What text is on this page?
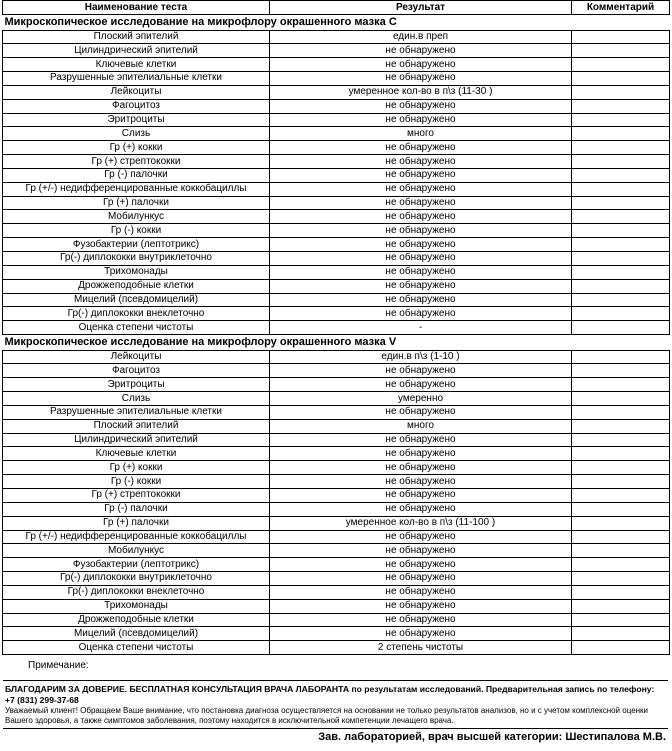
Наименование теста	Результат	Комментарий
Микроскопическое исследование на микрофлору окрашенного мазка С		
Плоский эпителий	един.в преп	
Цилиндрический эпителий	не обнаружено	
Ключевые клетки	не обнаружено	
Разрушенные эпителиальные клетки	не обнаружено	
Лейкоциты	умеренное кол-во в п\з (11-30 )	
Фагоцитоз	не обнаружено	
Эритроциты	не обнаружено	
Слизь	много	
Гр (+) кокки	не обнаружено	
Гр (+) стрептококки	не обнаружено	
Гр (-) палочки	не обнаружено	
Гр (+/-) недифференцированные коккобациллы	не обнаружено	
Гр (+) палочки	не обнаружено	
Мобилункус	не обнаружено	
Гр (-) кокки	не обнаружено	
Фузобактерии (лептотрикс)	не обнаружено	
Гр(-) диплококки внутриклеточно	не обнаружено	
Трихомонады	не обнаружено	
Дрожжеподобные клетки	не обнаружено	
Мицелий (псевдомицелий)	не обнаружено	
Гр(-) диплококки внеклеточно	не обнаружено	
Оценка степени чистоты	-	
Микроскопическое исследование на микрофлору окрашенного мазка V		
Лейкоциты	един.в п\з (1-10 )	
Фагоцитоз	не обнаружено	
Эритроциты	не обнаружено	
Слизь	умеренно	
Разрушенные эпителиальные клетки	не обнаружено	
Плоский эпителий	много	
Цилиндрический эпителий	не обнаружено	
Ключевые клетки	не обнаружено	
Гр (+) кокки	не обнаружено	
Гр (-) кокки	не обнаружено	
Гр (+) стрептококки	не обнаружено	
Гр (-) палочки	не обнаружено	
Гр (+) палочки	умеренное кол-во в п\з (11-100 )	
Гр (+/-) недифференцированные коккобациллы	не обнаружено	
Мобилункус	не обнаружено	
Фузобактерии (лептотрикс)	не обнаружено	
Гр(-) диплококки внутриклеточно	не обнаружено	
Гр(-) диплококки внеклеточно	не обнаружено	
Трихомонады	не обнаружено	
Дрожжеподобные клетки	не обнаружено	
Мицелий (псевдомицелий)	не обнаружено	
Оценка степени чистоты	2 степень чистоты	
Примечание:
БЛАГОДАРИМ ЗА ДОВЕРИЕ. БЕСПЛАТНАЯ КОНСУЛЬТАЦИЯ ВРАЧА ЛАБОРАНТА по результатам исследований. Предварительная запись по телефону: +7 (831) 299-37-68
Уважаемый клиент! Обращаем Ваше внимание, что постановка диагноза осуществляется на основании не только результатов анализов, но и с учетом комплексной оценки Вашего здоровья, а также симптомов заболевания, поэтому находится в исключительной компетенции лечащего врача.
Зав. лабораторией, врач высшей категории: Шестипалова М.В.
